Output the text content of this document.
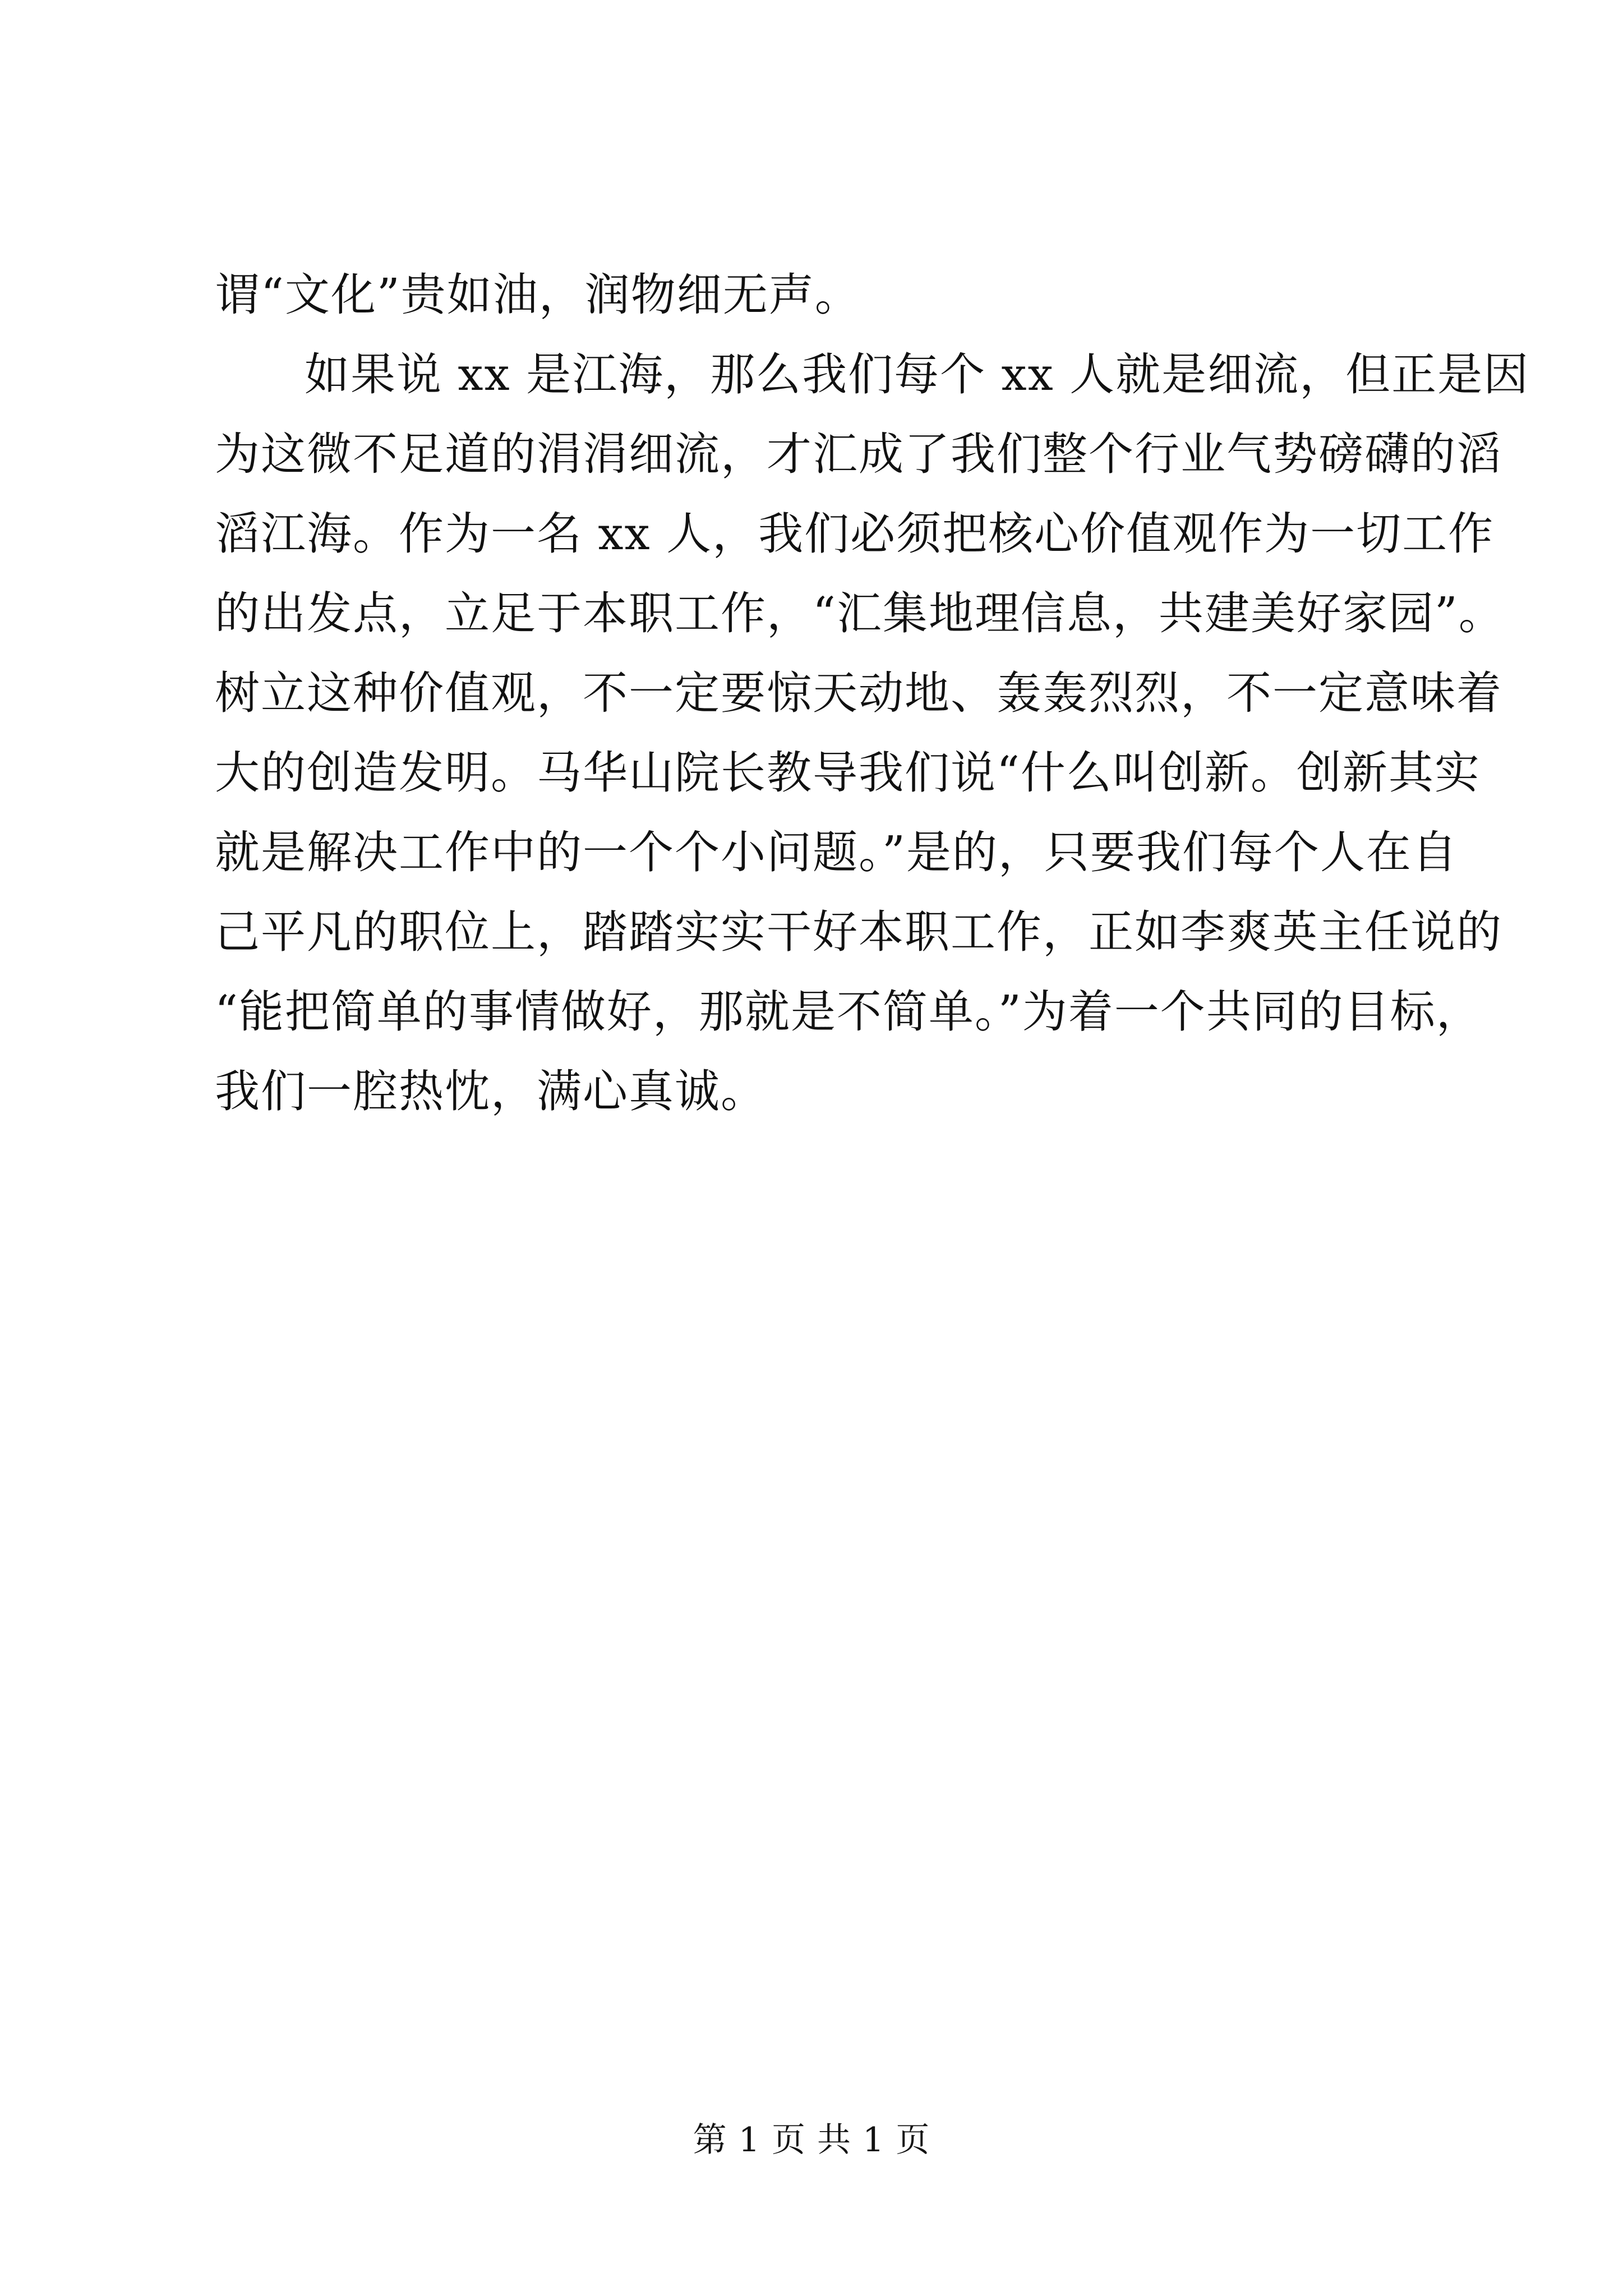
谓“文化”贵如油，润物细无声。
如果说 xx 是江海，那么我们每个 xx 人就是细流，但正是因
为这微不足道的涓涓细流，才汇成了我们整个行业气势磅礴的滔
滔江海。作为一名 xx 人，我们必须把核心价值观作为一切工作
的出发点，立足于本职工作，“汇集地理信息，共建美好家园”。
树立这种价值观，不一定要惊天动地、轰轰烈烈，不一定意味着
大的创造发明。马华山院长教导我们说“什么叫创新。创新其实
就是解决工作中的一个个小问题。”是的，只要我们每个人在自
己平凡的职位上，踏踏实实干好本职工作，正如李爽英主任说的
“能把简单的事情做好，那就是不简单。”为着一个共同的目标，
我们一腔热忱，满心真诚。
第 1 页 共 1 页
